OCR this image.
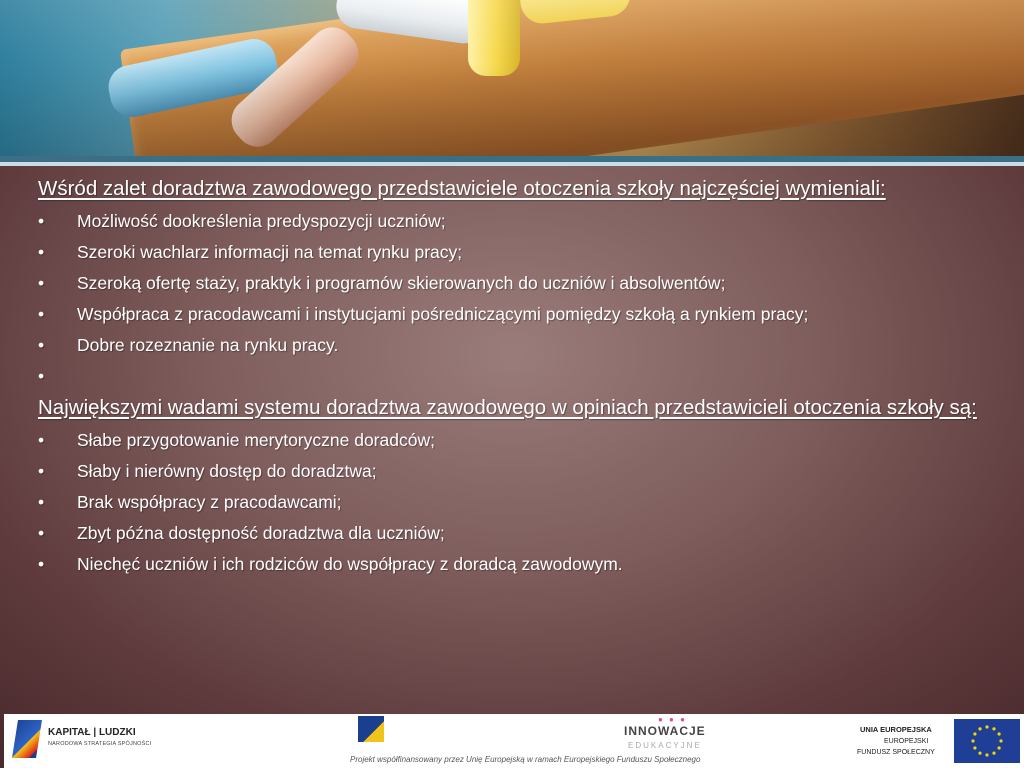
Wśród zalet doradztwa zawodowego przedstawiciele otoczenia szkoły najczęściej wymieniali:
• Możliwość dookreślenia predyspozycji uczniów;
• Szeroki wachlarz informacji na temat rynku pracy;
• Szeroką ofertę staży, praktyk i programów skierowanych do uczniów i absolwentów;
• Współpraca z pracodawcami i instytucjami pośredniczącymi pomiędzy szkołą a rynkiem pracy;
• Dobre rozeznanie na rynku pracy.
•
Największymi wadami systemu doradztwa zawodowego w opiniach przedstawicieli otoczenia szkoły są:
• Słabe przygotowanie merytoryczne doradców;
• Słaby i nierówny dostęp do doradztwa;
• Brak współpracy z pracodawcami;
• Zbyt późna dostępność doradztwa dla uczniów;
• Niechęć uczniów i ich rodziców do współpracy z doradcą zawodowym.
KAPITAŁ | LUDZKI
NARODOWA STRATEGIA SPÓJNOŚCI
Projekt współfinansowany przez Unię Europejską w ramach Europejskiego Funduszu Społecznego
● ● ●
INNOWACJE
EDUKACYJNE
UNIA EUROPEJSKA
EUROPEJSKI
FUNDUSZ SPOŁECZNY
